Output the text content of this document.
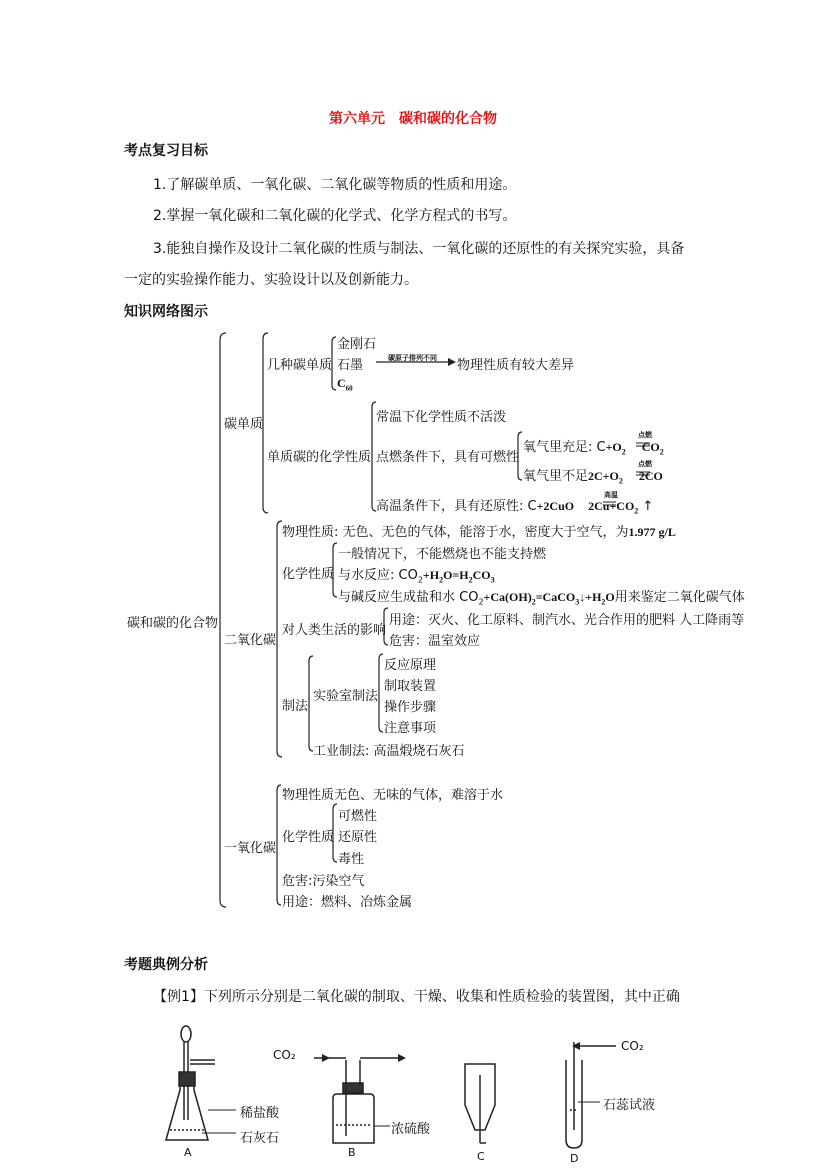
第六单元　碳和碳的化合物
考点复习目标
1.了解碳单质、一氧化碳、二氧化碳等物质的性质和用途。
2.掌握一氧化碳和二氧化碳的化学式、化学方程式的书写。
3.能独自操作及设计二氧化碳的性质与制法、一氧化碳的还原性的有关探究实验，具备
一定的实验操作能力、实验设计以及创新能力。
知识网络图示
碳和碳的化合物
碳单质
几种碳单质
金刚石
石墨
$C_{60}$
碳原子排列不同 物理性质有较大差异
单质碳的化学性质
常温下化学性质不活泼
点燃条件下，具有可燃性
高温条件下，具有还原性: C+2CuO $2Cu+CO_2$ ↑
高温
氧气里充足: $C+O_2$ $CO_2$
点燃
氧气里不足$2C+O_2$ 2CO
点燃
二氧化碳
物理性质: 无色、无色的气体，能溶于水，密度大于空气，为1.977 g/L
化学性质
一般情况下，不能燃烧也不能支持燃
与水反应: $CO_2+H_2O=H_2CO_3$
与碱反应生成盐和水 $CO_2+Ca(OH)_2=CaCO_3↓+H_2O$用来鉴定二氧化碳气体
对人类生活的影响
用途：灭火、化工原料、制汽水、光合作用的肥料 人工降雨等
危害：温室效应
制法
实验室制法
反应原理
制取装置
操作步骤
注意事项
工业制法: 高温煅烧石灰石
一氧化碳
物理性质无色、无味的气体，难溶于水
化学性质
可燃性
还原性
毒性
危害:污染空气
用途：燃料、冶炼金属
考题典例分析
【例1】下列所示分别是二氧化碳的制取、干燥、收集和性质检验的装置图，其中正确
稀盐酸
石灰石
CO₂
浓硫酸
CO₂
石蕊试液
A	B	C	D
